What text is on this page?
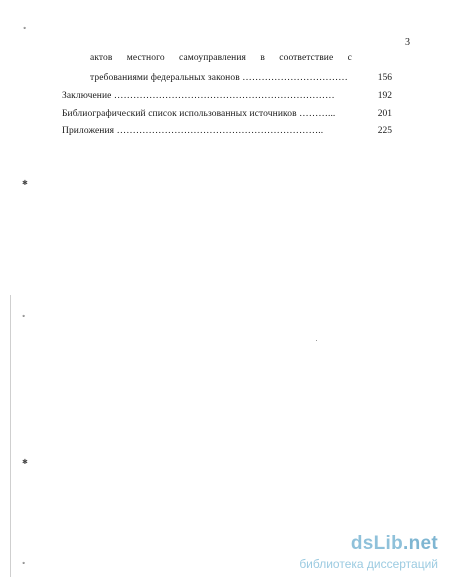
3
актов местного самоуправления в соответствие с
требованиями федеральных законов ……………………………	156
Заключение ……………………………………………………………	192
Библиографический список использованных источников ………...	201
Приложения ………………………………………………………..	225
∘
✱
∘
✱
∘
dsLib.net
библиотека диссертаций
